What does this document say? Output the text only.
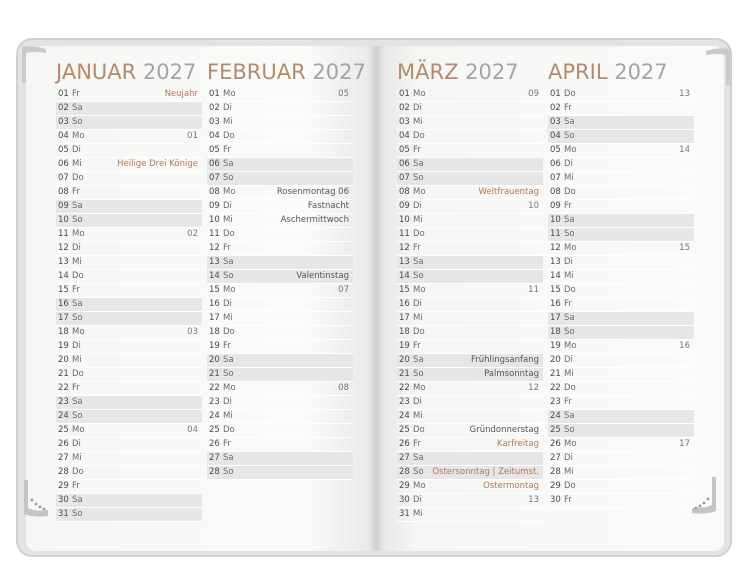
JANUAR 2027
01 Fr	Neujahr
02 Sa
03 So
04 Mo	01
05 Di
06 Mi	Heilige Drei Könige
07 Do
08 Fr
09 Sa
10 So
11 Mo	02
12 Di
13 Mi
14 Do
15 Fr
16 Sa
17 So
18 Mo	03
19 Di
20 Mi
21 Do
22 Fr
23 Sa
24 So
25 Mo	04
26 Di
27 Mi
28 Do
29 Fr
30 Sa
31 So
FEBRUAR 2027
01 Mo	05
02 Di
03 Mi
04 Do
05 Fr
06 Sa
07 So
08 Mo	Rosenmontag 06
09 Di	Fastnacht
10 Mi	Aschermittwoch
11 Do
12 Fr
13 Sa
14 So	Valentinstag
15 Mo	07
16 Di
17 Mi
18 Do
19 Fr
20 Sa
21 So
22 Mo	08
23 Di
24 Mi
25 Do
26 Fr
27 Sa
28 So
MÄRZ 2027
01 Mo	09
02 Di
03 Mi
04 Do
05 Fr
06 Sa
07 So
08 Mo	Weltfrauentag
09 Di	10
10 Mi
11 Do
12 Fr
13 Sa
14 So
15 Mo	11
16 Di
17 Mi
18 Do
19 Fr
20 Sa	Frühlingsanfang
21 So	Palmsonntag
22 Mo	12
23 Di
24 Mi
25 Do	Gründonnerstag
26 Fr	Karfreitag
27 Sa
28 So Ostersonntag | Zeitumst.
29 Mo	Ostermontag
30 Di	13
31 Mi
APRIL 2027
01 Do	13
02 Fr
03 Sa
04 So
05 Mo	14
06 Di
07 Mi
08 Do
09 Fr
10 Sa
11 So
12 Mo	15
13 Di
14 Mi
15 Do
16 Fr
17 Sa
18 So
19 Mo	16
20 Di
21 Mi
22 Do
23 Fr
24 Sa
25 So
26 Mo	17
27 Di
28 Mi
29 Do
30 Fr
